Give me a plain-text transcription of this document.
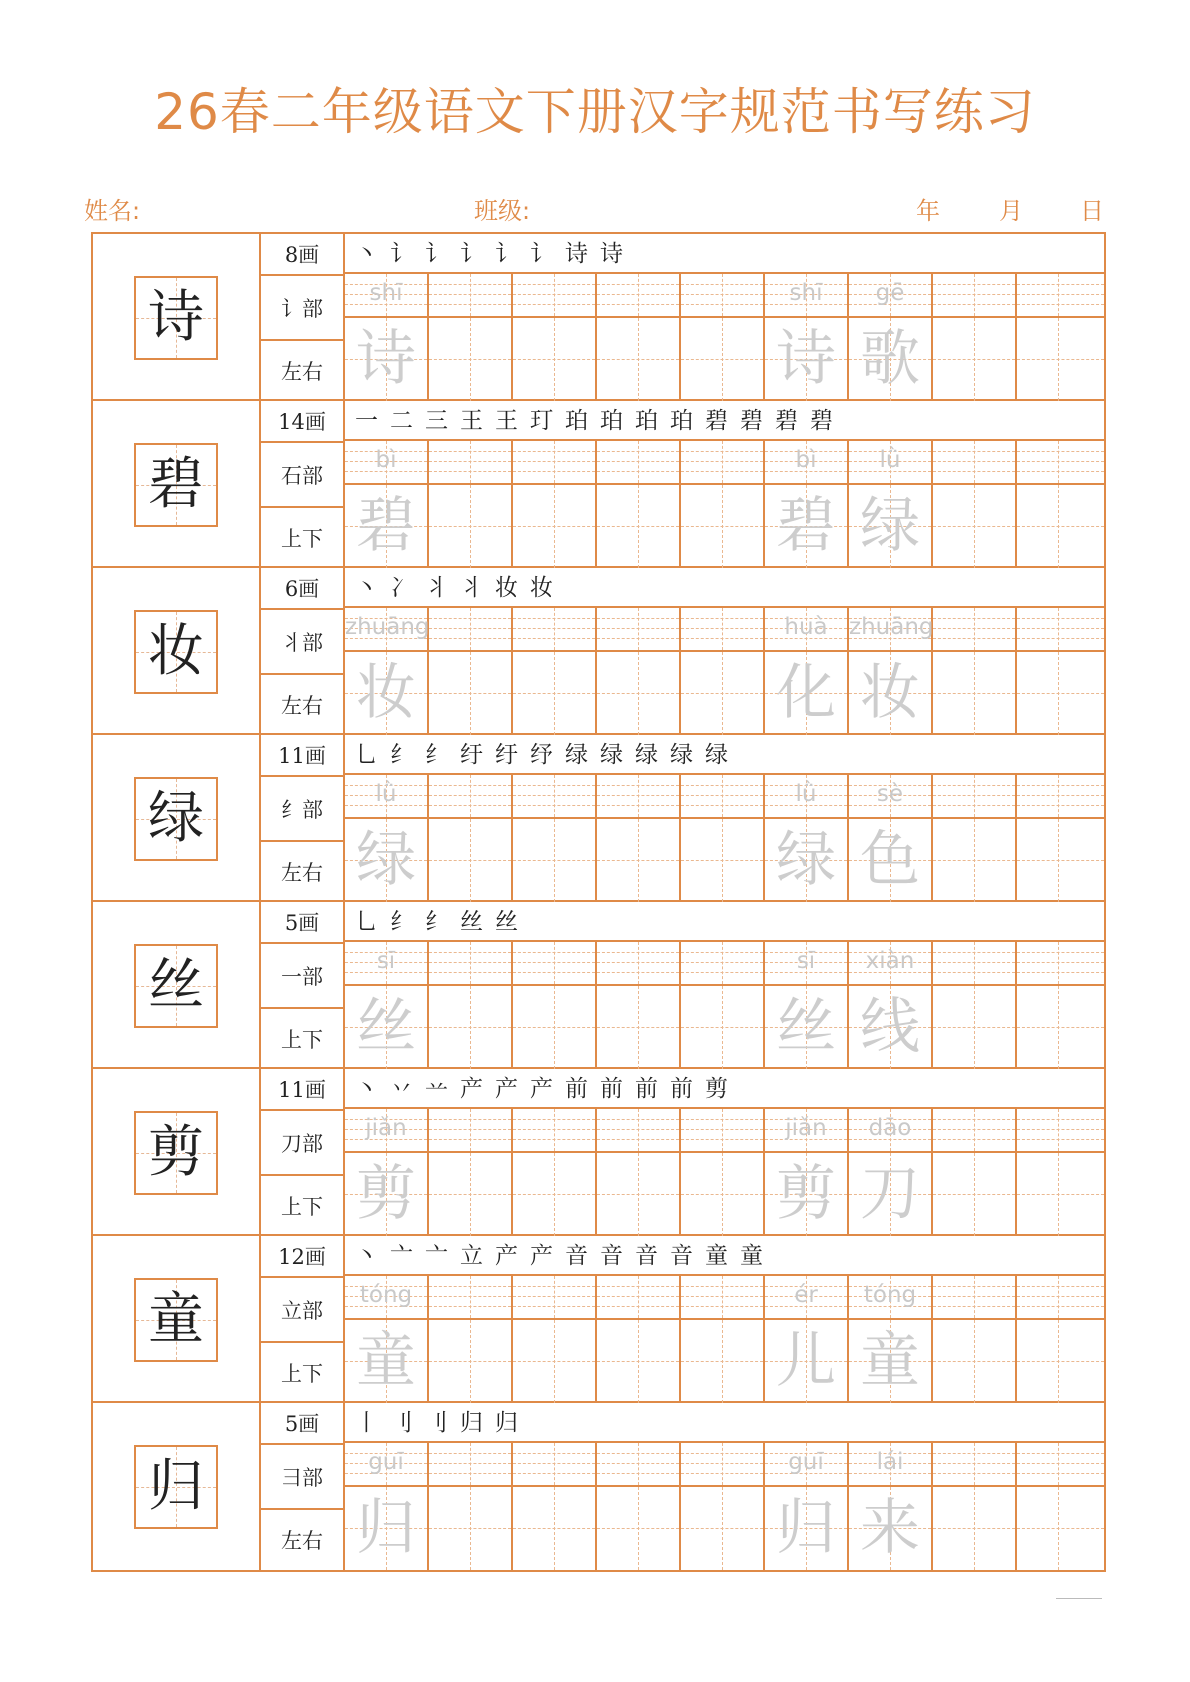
26春二年级语文下册汉字规范书写练习
姓名:	班级:	年 月 日
诗
8画
讠部
左右
丶 讠 讠 讠 讠 讠 诗 诗
shī
诗
shī
诗
gē
歌
碧
14画
石部
上下
一 二 三 王 王 玎 珀 珀 珀 珀 碧 碧 碧 碧
bì
碧
bì
碧
lǜ
绿
妆
6画
丬部
左右
丶 冫 丬 丬 妆 妆
zhuāng
妆
huà
化
zhuāng
妆
绿
11画
纟部
左右
乚 纟 纟 纡 纡 纾 绿 绿 绿 绿 绿
lǜ
绿
lǜ
绿
sè
色
丝
5画
一部
上下
乚 纟 纟 丝 丝
sī
丝
sī
丝
xiàn
线
剪
11画
刀部
上下
丶 丷 䒑 产 产 产 前 前 前 前 剪
jiǎn
剪
jiǎn
剪
dāo
刀
童
12画
立部
上下
丶 亠 亠 立 产 产 音 音 音 音 童 童
tóng
童
ér
儿
tóng
童
归
5画
彐部
左右
丨 刂 刂 归 归
guī
归
guī
归
lái
来
